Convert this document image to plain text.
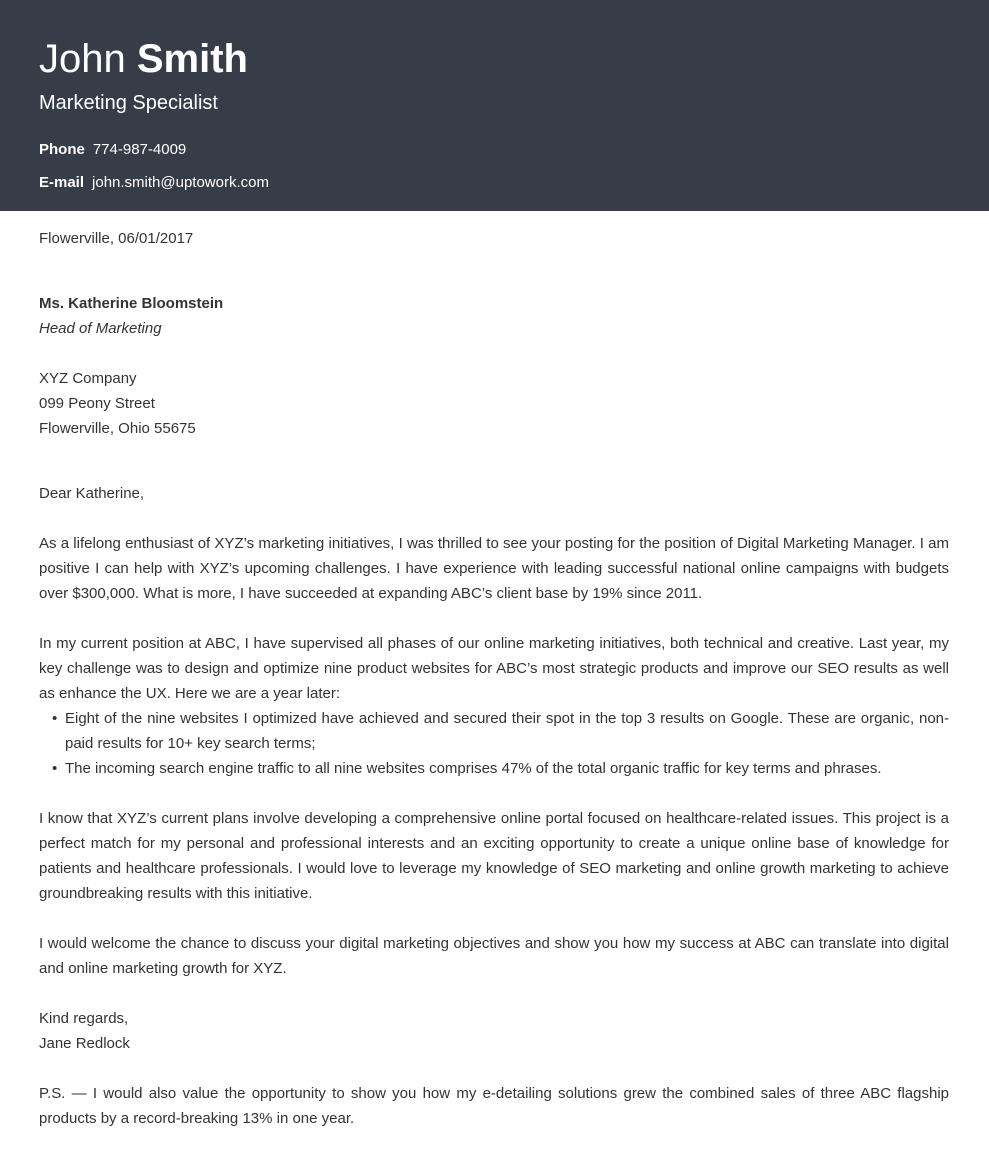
John Smith
Marketing Specialist
Phone 774-987-4009
E-mail john.smith@uptowork.com

Flowerville, 06/01/2017

Ms. Katherine Bloomstein

Head of Marketing

XYZ Company

099 Peony Street

Flowerville, Ohio 55675

Dear Katherine,

As a lifelong enthusiast of XYZ’s marketing initiatives, I was thrilled to see your posting for the position of Digital Marketing Manager. I am positive I can help with XYZ’s upcoming challenges. I have experience with leading successful national online campaigns with budgets over $300,000. What is more, I have succeeded at expanding ABC’s client base by 19% since 2011.

In my current position at ABC, I have supervised all phases of our online marketing initiatives, both technical and creative. Last year, my key challenge was to design and optimize nine product websites for ABC’s most strategic products and improve our SEO results as well as enhance the UX. Here we are a year later:

• Eight of the nine websites I optimized have achieved and secured their spot in the top 3 results on Google. These are organic, non-paid results for 10+ key search terms;
• The incoming search engine traffic to all nine websites comprises 47% of the total organic traffic for key terms and phrases.

I know that XYZ’s current plans involve developing a comprehensive online portal focused on healthcare-related issues. This project is a perfect match for my personal and professional interests and an exciting opportunity to create a unique online base of knowledge for patients and healthcare professionals. I would love to leverage my knowledge of SEO marketing and online growth marketing to achieve groundbreaking results with this initiative.

I would welcome the chance to discuss your digital marketing objectives and show you how my success at ABC can translate into digital and online marketing growth for XYZ.

Kind regards,

Jane Redlock

P.S. — I would also value the opportunity to show you how my e-detailing solutions grew the combined sales of three ABC flagship products by a record-breaking 13% in one year.
